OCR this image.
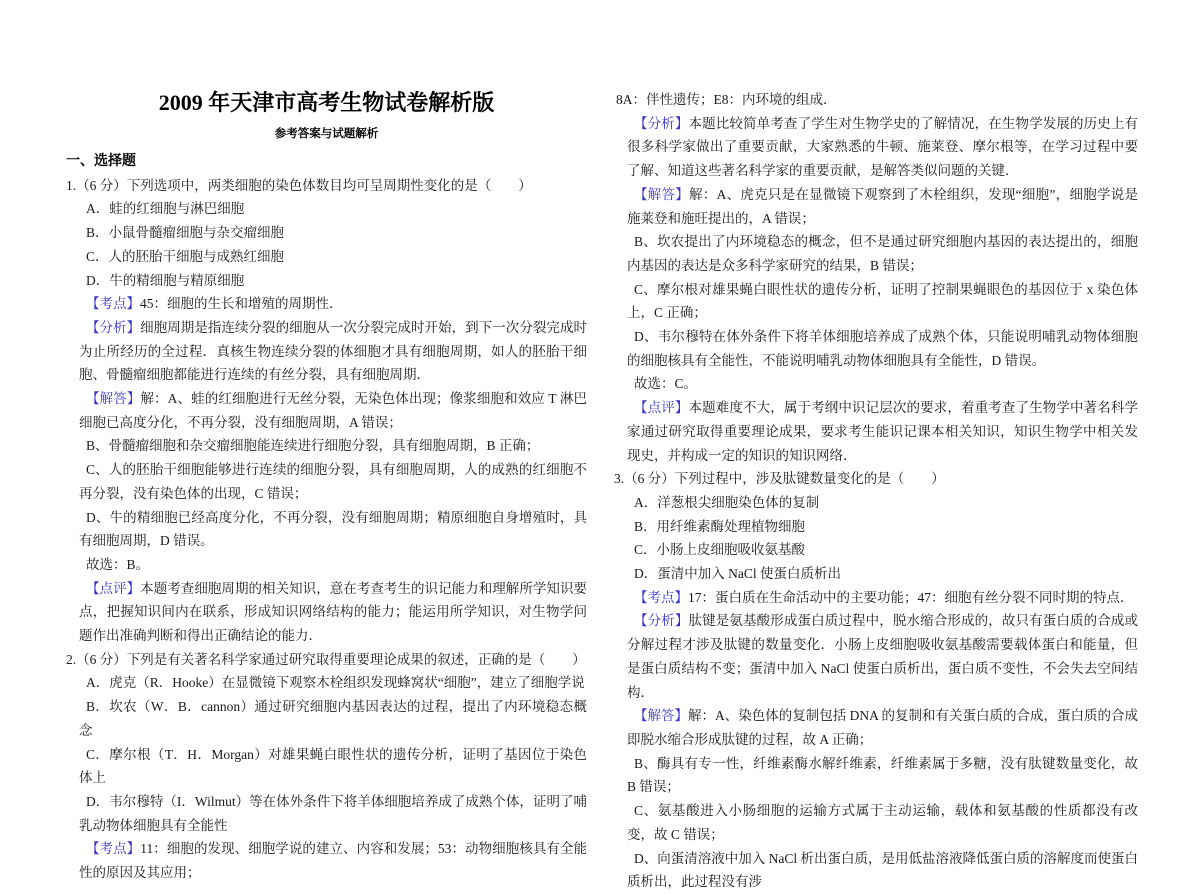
2009 年天津市高考生物试卷解析版
参考答案与试题解析
一、选择题

1.（6 分）下列选项中，两类细胞的染色体数目均可呈周期性变化的是（　　）

A．蛙的红细胞与淋巴细胞

B．小鼠骨髓瘤细胞与杂交瘤细胞

C．人的胚胎干细胞与成熟红细胞

D．牛的精细胞与精原细胞

【考点】45：细胞的生长和增殖的周期性．

【分析】细胞周期是指连续分裂的细胞从一次分裂完成时开始，到下一次分裂完成时为止所经历的全过程．真核生物连续分裂的体细胞才具有细胞周期，如人的胚胎干细胞、骨髓瘤细胞都能进行连续的有丝分裂，具有细胞周期．

【解答】解：A、蛙的红细胞进行无丝分裂，无染色体出现；像浆细胞和效应 T 淋巴细胞已高度分化，不再分裂，没有细胞周期，A 错误；

B、骨髓瘤细胞和杂交瘤细胞能连续进行细胞分裂，具有细胞周期，B 正确；

C、人的胚胎干细胞能够进行连续的细胞分裂，具有细胞周期，人的成熟的红细胞不再分裂，没有染色体的出现，C 错误；

D、牛的精细胞已经高度分化，不再分裂，没有细胞周期；精原细胞自身增殖时，具有细胞周期，D 错误。

故选：B。

【点评】本题考查细胞周期的相关知识，意在考查考生的识记能力和理解所学知识要点，把握知识间内在联系，形成知识网络结构的能力；能运用所学知识，对生物学问题作出准确判断和得出正确结论的能力．

2.（6 分）下列是有关著名科学家通过研究取得重要理论成果的叙述，正确的是（　　）

A．虎克（R．Hooke）在显微镜下观察木栓组织发现蜂窝状“细胞”，建立了细胞学说

B．坎农（W．B．cannon）通过研究细胞内基因表达的过程，提出了内环境稳态概念

C．摩尔根（T．H．Morgan）对雄果蝇白眼性状的遗传分析，证明了基因位于染色体上

D．韦尔穆特（I．Wilmut）等在体外条件下将羊体细胞培养成了成熟个体，证明了哺乳动物体细胞具有全能性

【考点】11：细胞的发现、细胞学说的建立、内容和发展；53：动物细胞核具有全能性的原因及其应用；

8A：伴性遗传；E8：内环境的组成．

【分析】本题比较简单考查了学生对生物学史的了解情况，在生物学发展的历史上有很多科学家做出了重要贡献，大家熟悉的牛顿、施莱登、摩尔根等，在学习过程中要了解、知道这些著名科学家的重要贡献，是解答类似问题的关键．

【解答】解：A、虎克只是在显微镜下观察到了木栓组织，发现“细胞”，细胞学说是施莱登和施旺提出的，A 错误；

B、坎农提出了内环境稳态的概念，但不是通过研究细胞内基因的表达提出的，细胞内基因的表达是众多科学家研究的结果，B 错误；

C、摩尔根对雄果蝇白眼性状的遗传分析，证明了控制果蝇眼色的基因位于 x 染色体上，C 正确；

D、韦尔穆特在体外条件下将羊体细胞培养成了成熟个体，只能说明哺乳动物体细胞的细胞核具有全能性，不能说明哺乳动物体细胞具有全能性，D 错误。

故选：C。

【点评】本题难度不大，属于考纲中识记层次的要求，着重考查了生物学中著名科学家通过研究取得重要理论成果，要求考生能识记课本相关知识，知识生物学中相关发现史，并构成一定的知识的知识网络．

3.（6 分）下列过程中，涉及肽键数量变化的是（　　）

A．洋葱根尖细胞染色体的复制

B．用纤维素酶处理植物细胞

C．小肠上皮细胞吸收氨基酸

D．蛋清中加入 NaCl 使蛋白质析出

【考点】17：蛋白质在生命活动中的主要功能；47：细胞有丝分裂不同时期的特点．

【分析】肽键是氨基酸形成蛋白质过程中，脱水缩合形成的，故只有蛋白质的合成或分解过程才涉及肽键的数量变化．小肠上皮细胞吸收氨基酸需要载体蛋白和能量，但是蛋白质结构不变；蛋清中加入 NaCl 使蛋白质析出，蛋白质不变性，不会失去空间结构．

【解答】解：A、染色体的复制包括 DNA 的复制和有关蛋白质的合成，蛋白质的合成即脱水缩合形成肽键的过程，故 A 正确；

B、酶具有专一性，纤维素酶水解纤维素，纤维素属于多糖，没有肽键数量变化，故 B 错误；

C、氨基酸进入小肠细胞的运输方式属于主动运输，载体和氨基酸的性质都没有改变，故 C 错误；

D、向蛋清溶液中加入 NaCl 析出蛋白质，是用低盐溶液降低蛋白质的溶解度而使蛋白质析出，此过程没有涉
